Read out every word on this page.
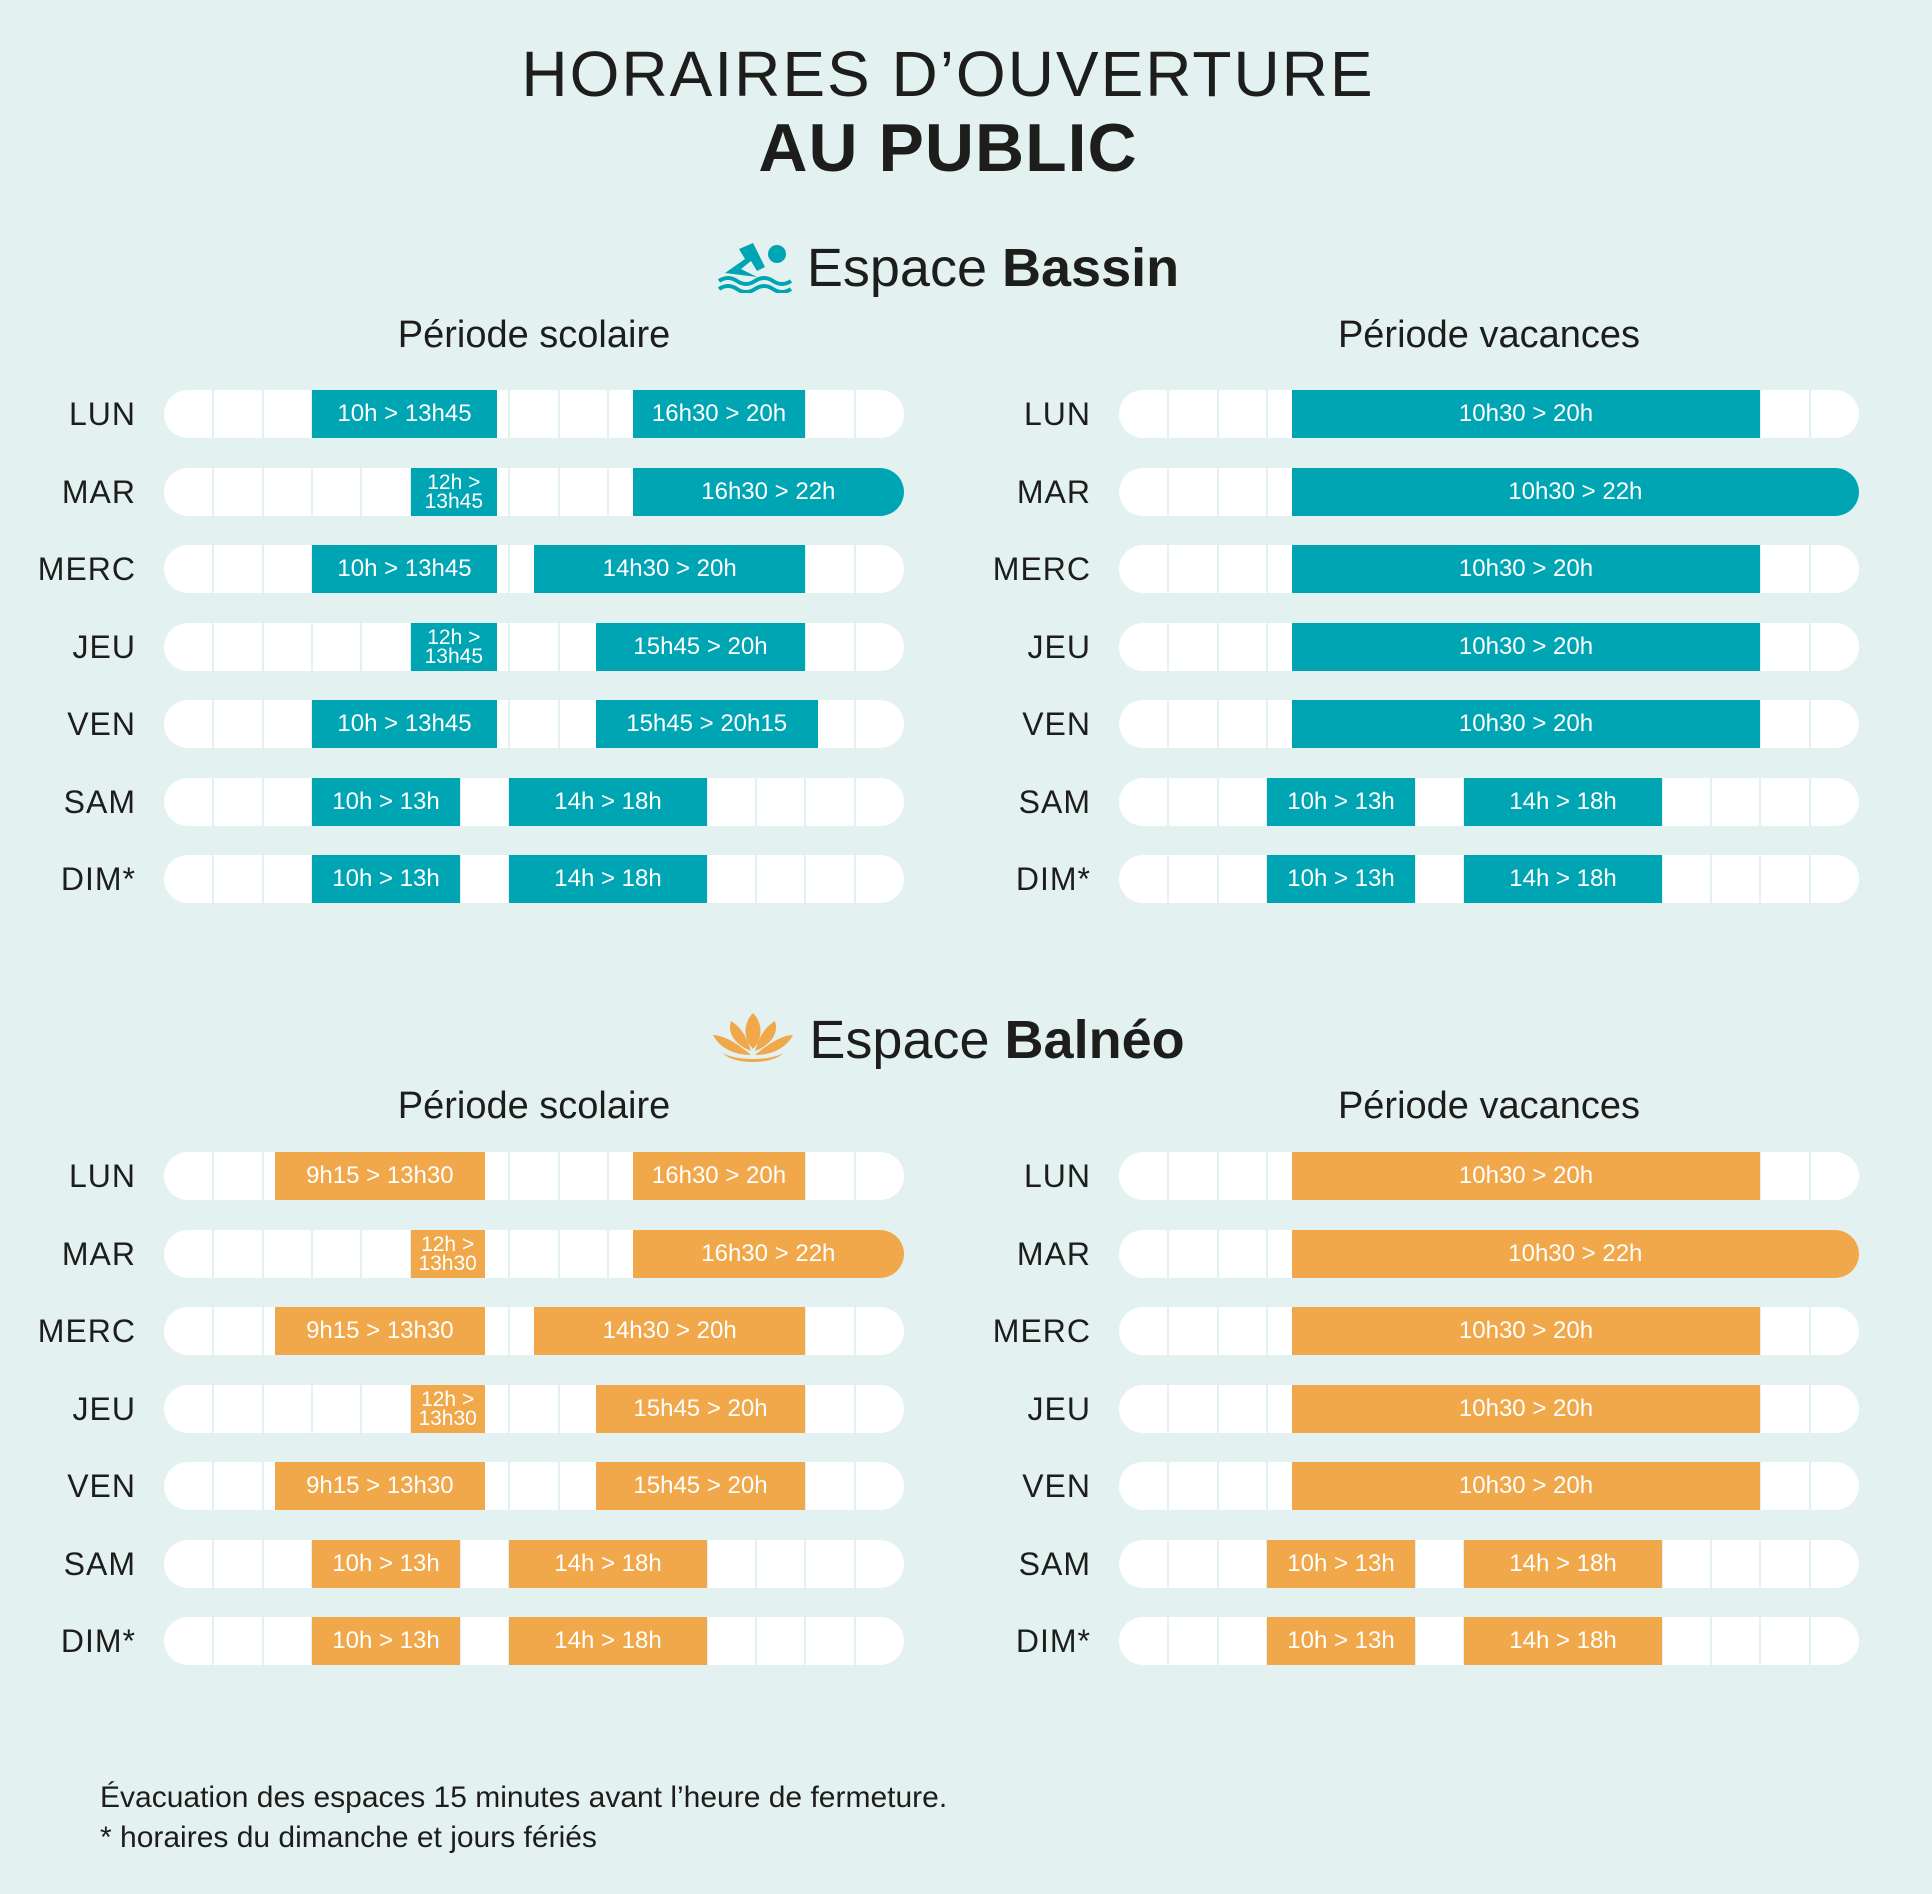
HORAIRES D’OUVERTURE
AU PUBLIC
Espace Bassin
Espace Balnéo
Période scolaire
LUN	10h > 13h45	16h30 > 20h
MAR	12h > 13h45	16h30 > 22h
MERC	10h > 13h45	14h30 > 20h
JEU	12h > 13h45	15h45 > 20h
VEN	10h > 13h45	15h45 > 20h15
SAM	10h > 13h	14h > 18h
DIM*	10h > 13h	14h > 18h
Période vacances
LUN	10h30 > 20h
MAR	10h30 > 22h
MERC	10h30 > 20h
JEU	10h30 > 20h
VEN	10h30 > 20h
SAM	10h > 13h	14h > 18h
DIM*	10h > 13h	14h > 18h
Période scolaire
LUN	9h15 > 13h30	16h30 > 20h
MAR	12h > 13h30	16h30 > 22h
MERC	9h15 > 13h30	14h30 > 20h
JEU	12h > 13h30	15h45 > 20h
VEN	9h15 > 13h30	15h45 > 20h
SAM	10h > 13h	14h > 18h
DIM*	10h > 13h	14h > 18h
Période vacances
LUN	10h30 > 20h
MAR	10h30 > 22h
MERC	10h30 > 20h
JEU	10h30 > 20h
VEN	10h30 > 20h
SAM	10h > 13h	14h > 18h
DIM*	10h > 13h	14h > 18h
Évacuation des espaces 15 minutes avant l’heure de fermeture.
* horaires du dimanche et jours fériés
